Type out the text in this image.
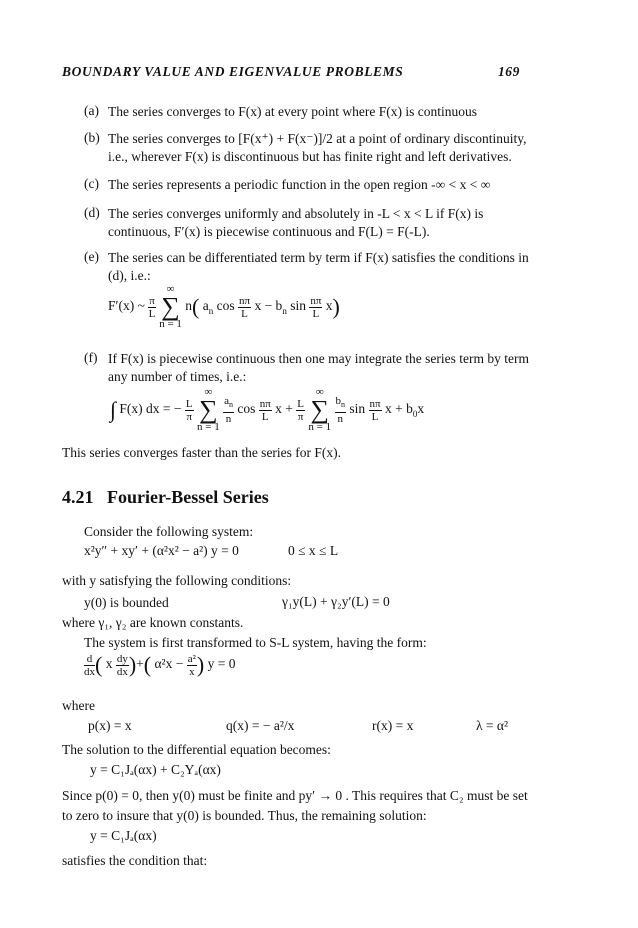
BOUNDARY VALUE AND EIGENVALUE PROBLEMS	169
(a) The series converges to F(x) at every point where F(x) is continuous
(b) The series converges to [F(x⁺) + F(x⁻)]/2 at a point of ordinary discontinuity,
i.e., wherever F(x) is discontinuous but has finite right and left derivatives.
(c) The series represents a periodic function in the open region -∞ < x < ∞
(d) The series converges uniformly and absolutely in -L < x < L if F(x) is
continuous, F′(x) is piecewise continuous and F(L) = F(-L).
(e) The series can be differentiated term by term if F(x) satisfies the conditions in
(d), i.e.:
F′(x) ~ $\frac{\pi}{L}$

∞
∑
n = 1
n( $a_n$ $\cos \frac{n\pi}{L}$ $x - b_n$ $\sin \frac{n\pi}{L} x$)
(f) If F(x) is piecewise continuous then one may integrate the series term by term
any number of times, i.e.:
∫ F(x) dx = − $\frac{L}{\pi}$

∞
∑
n = 1

$\frac{a_n}{n}$ $\cos \frac{n\pi}{L}$ $x + \frac{L}{\pi}$

∞
∑
n = 1

$\frac{b_n}{n}$ $\sin \frac{n\pi}{L}$ $x + b_0x$
This series converges faster than the series for F(x).
4.21 Fourier-Bessel Series
Consider the following system:
x²y″ + xy′ + (α²x² − a²) y = 0	0 ≤ x ≤ L
with y satisfying the following conditions:
y(0) is bounded	γ₁y(L) + γ₂y′(L) = 0
where γ₁, γ₂ are known constants.
The system is first transformed to S-L system, having the form:
$\frac{d}{dx}$ ( x $\frac{dy}{dx}$ )+( $\alpha^2x - \frac{\text{a²}}{x}$ ) y = 0
where
p(x) = x	q(x) = − a²/x	r(x) = x	λ = α²
The solution to the differential equation becomes:
y = C₁Jₐ(αx) + C₂Yₐ(αx)
Since p(0) = 0, then y(0) must be finite and py′ → 0 . This requires that C₂ must be set
to zero to insure that y(0) is bounded. Thus, the remaining solution:
y = C₁Jₐ(αx)
satisfies the condition that:
